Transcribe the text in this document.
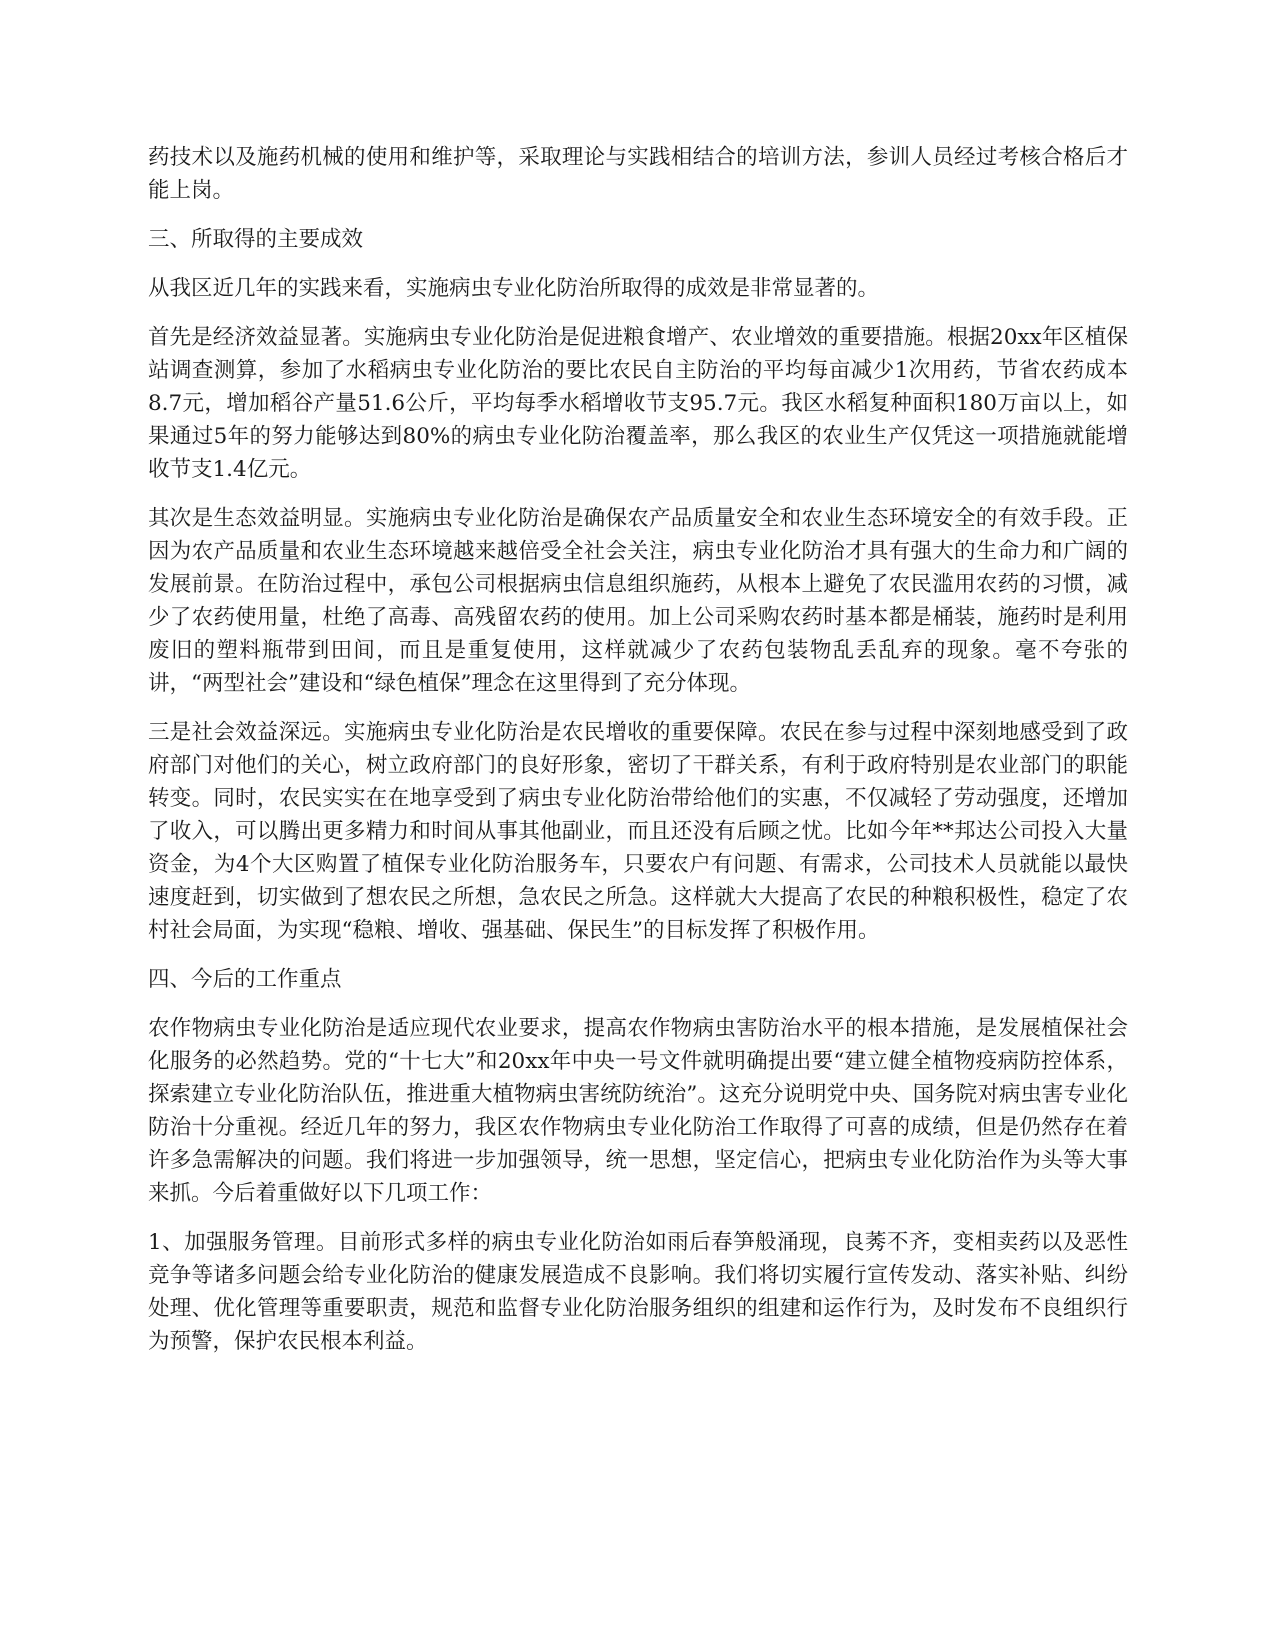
药技术以及施药机械的使用和维护等，采取理论与实践相结合的培训方法，参训人员经过考核合格后才能上岗。

三、所取得的主要成效

从我区近几年的实践来看，实施病虫专业化防治所取得的成效是非常显著的。

首先是经济效益显著。实施病虫专业化防治是促进粮食增产、农业增效的重要措施。根据20xx年区植保站调查测算，参加了水稻病虫专业化防治的要比农民自主防治的平均每亩减少1次用药，节省农药成本8.7元，增加稻谷产量51.6公斤，平均每季水稻增收节支95.7元。我区水稻复种面积180万亩以上，如果通过5年的努力能够达到80%的病虫专业化防治覆盖率，那么我区的农业生产仅凭这一项措施就能增收节支1.4亿元。

其次是生态效益明显。实施病虫专业化防治是确保农产品质量安全和农业生态环境安全的有效手段。正因为农产品质量和农业生态环境越来越倍受全社会关注，病虫专业化防治才具有强大的生命力和广阔的发展前景。在防治过程中，承包公司根据病虫信息组织施药，从根本上避免了农民滥用农药的习惯，减少了农药使用量，杜绝了高毒、高残留农药的使用。加上公司采购农药时基本都是桶装，施药时是利用废旧的塑料瓶带到田间，而且是重复使用，这样就减少了农药包装物乱丢乱弃的现象。毫不夸张的讲，“两型社会”建设和“绿色植保”理念在这里得到了充分体现。

三是社会效益深远。实施病虫专业化防治是农民增收的重要保障。农民在参与过程中深刻地感受到了政府部门对他们的关心，树立政府部门的良好形象，密切了干群关系，有利于政府特别是农业部门的职能转变。同时，农民实实在在地享受到了病虫专业化防治带给他们的实惠，不仅减轻了劳动强度，还增加了收入，可以腾出更多精力和时间从事其他副业，而且还没有后顾之忧。比如今年**邦达公司投入大量资金，为4个大区购置了植保专业化防治服务车，只要农户有问题、有需求，公司技术人员就能以最快速度赶到，切实做到了想农民之所想，急农民之所急。这样就大大提高了农民的种粮积极性，稳定了农村社会局面，为实现“稳粮、增收、强基础、保民生”的目标发挥了积极作用。

四、今后的工作重点

农作物病虫专业化防治是适应现代农业要求，提高农作物病虫害防治水平的根本措施，是发展植保社会化服务的必然趋势。党的“十七大”和20xx年中央一号文件就明确提出要“建立健全植物疫病防控体系，探索建立专业化防治队伍，推进重大植物病虫害统防统治”。这充分说明党中央、国务院对病虫害专业化防治十分重视。经近几年的努力，我区农作物病虫专业化防治工作取得了可喜的成绩，但是仍然存在着许多急需解决的问题。我们将进一步加强领导，统一思想，坚定信心，把病虫专业化防治作为头等大事来抓。今后着重做好以下几项工作：

1、加强服务管理。目前形式多样的病虫专业化防治如雨后春笋般涌现，良莠不齐，变相卖药以及恶性竞争等诸多问题会给专业化防治的健康发展造成不良影响。我们将切实履行宣传发动、落实补贴、纠纷处理、优化管理等重要职责，规范和监督专业化防治服务组织的组建和运作行为，及时发布不良组织行为预警，保护农民根本利益。
